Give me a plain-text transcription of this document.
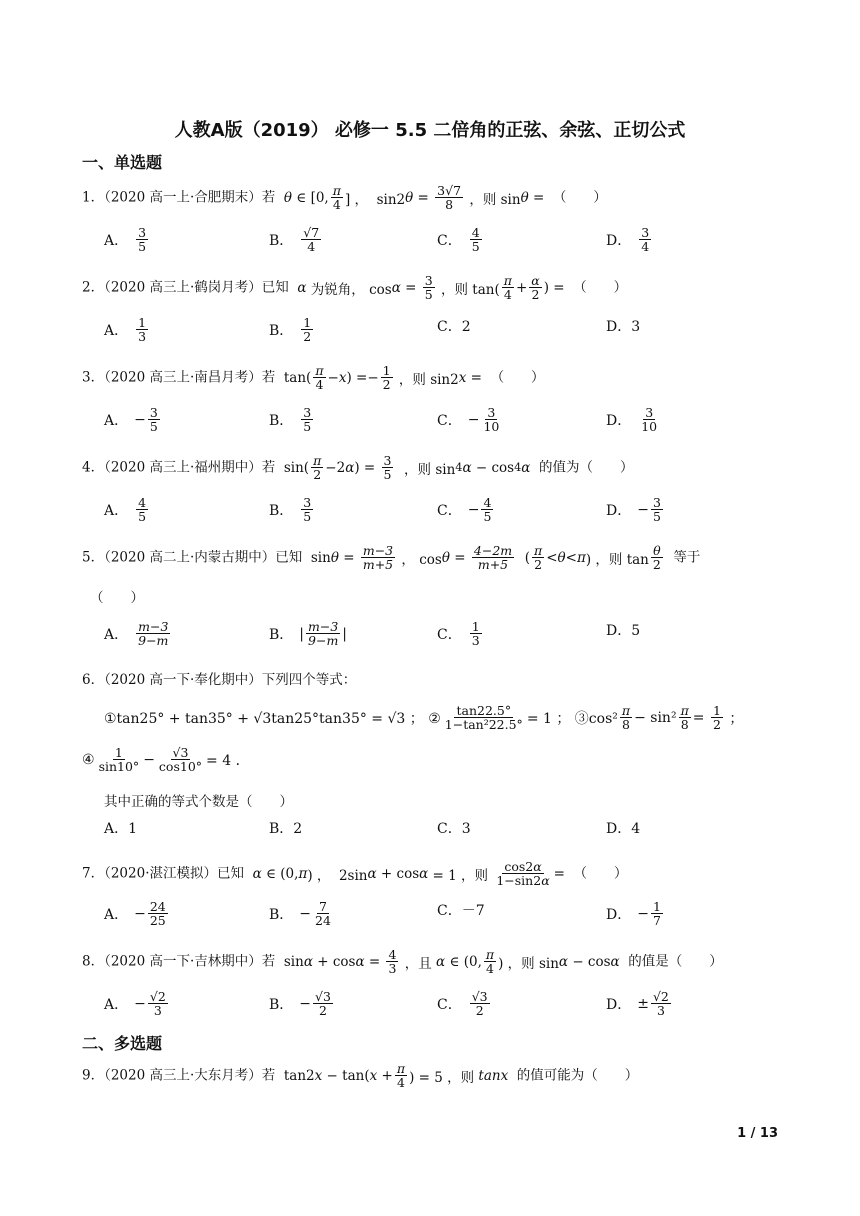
人教A版（2019） 必修一 5.5 二倍角的正弦、余弦、正切公式
一、单选题
1．（2020 高一上·合肥期末）若 θ ∈ [0, $\frac{\pi}{4}$ ] ，  sin2 $\theta = \frac{3√7}{8}$ ，则 sin θ =  （　　）
A． $\frac{3}{5}$	B． $\frac{√7}{4}$	C． $\frac{4}{5}$	D． $\frac{3}{4}$
2．（2020 高三上·鹤岗月考）已知 α 为锐角， $\cos \alpha = \frac{3}{5}$ ，则 $\tan( \frac{\pi}{4} + \frac{\alpha}{2}$ ) =  （　　）
A． $\frac{1}{3}$	B． $\frac{1}{2}$	C．2	D．3
3．（2020 高三上·南昌月考）若  $\tan( \frac{\pi}{4} - x$ ) =− $\frac{1}{2}$ ，则 sin2 x =  （　　）
A． − $\frac{3}{5}$	B． $\frac{3}{5}$	C． − $\frac{3}{10}$	D． $\frac{3}{10}$
4．（2020 高三上·福州期中）若  $\sin( \frac{\pi}{2} -2$ α ) = $\frac{3}{5}$ ，则 sin 4 α − cos 4 α 的值为（　　）
A． $\frac{4}{5}$	B． $\frac{3}{5}$	C． − $\frac{4}{5}$	D． − $\frac{3}{5}$
5．（2020 高二上·内蒙古期中）已知  $\sin \theta = \frac{m-3}{m+5}$ ， $\cos \theta = \frac{4-2m}{m+5}$ ( $\frac{\pi}{2} < \theta < \pi$ ) ，则 $\tan \frac{\theta}{2}$ 等于
（　　）
A． $\frac{m-3}{9-m}$	B． | $\frac{m-3}{9-m}$ |	C． $\frac{1}{3}$	D．5
6．（2020 高一下·奉化期中）下列四个等式：
①tan25° + tan35° + √3tan25°tan35° = √3 ； ② $\frac{\tan 22.5^\circ}{\text{1−tan²22.5°}} = 1$ ； ③cos² $\frac{\pi}{8} - \sin^2 \frac{\pi}{8} = \frac{1}{2}$ ；
④ $\frac{1}{\sin 10^\circ} - \frac{√3}{\cos 10^\circ} = 4$ ．
其中正确的等式个数是（　　）
A．1	B．2	C．3	D．4
7．（2020·湛江模拟）已知 α ∈ (0, π ) ，  2sin α + cos α = 1 ，则 $\frac{\cos 2\alpha}{1-\sin 2\alpha}$ =  （　　）
A． − $\frac{24}{25}$	B． − $\frac{7}{24}$	C．－7	D． − $\frac{1}{7}$
8．（2020 高一下·吉林期中）若  $\sin \alpha + \cos \alpha = \frac{4}{3}$ ，且 α ∈ (0, $\frac{\pi}{4}$ ) ，则 sin α − cos α 的值是（　　）
A． − $\frac{√2}{3}$	B． − $\frac{√3}{2}$	C． $\frac{√3}{2}$	D． ± $\frac{√2}{3}$
二、多选题
9．（2020 高三上·大东月考）若  tan2 x − tan( $x + \frac{\pi}{4}$ ) = 5 ，则 tanx 的值可能为（　　）
1 / 13
